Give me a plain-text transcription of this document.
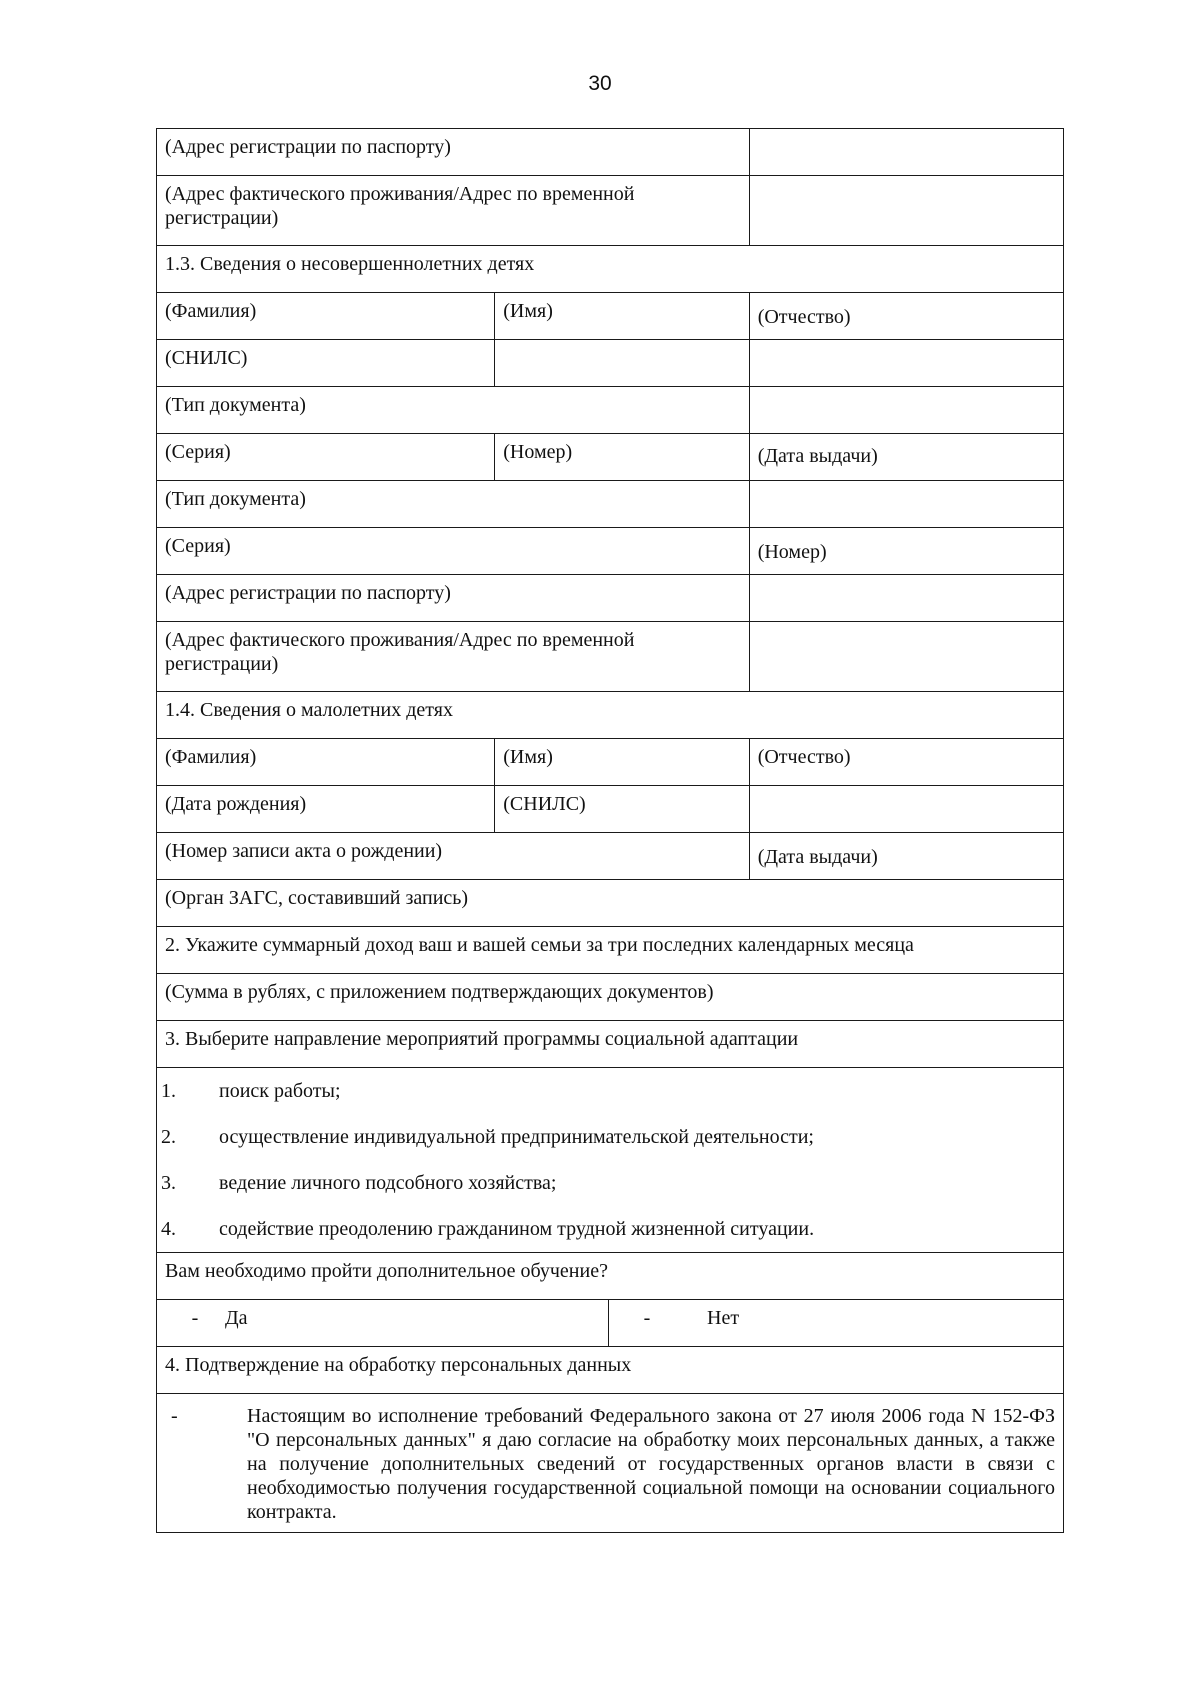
30
(Адрес регистрации по паспорту)
(Адрес фактического проживания/Адрес по временной регистрации)
1.3. Сведения о несовершеннолетних детях
(Фамилия)	(Имя)	(Отчество)
(СНИЛС)
(Тип документа)
(Серия)	(Номер)	(Дата выдачи)
(Тип документа)
(Серия)	(Номер)
(Адрес регистрации по паспорту)
(Адрес фактического проживания/Адрес по временной регистрации)
1.4. Сведения о малолетних детях
(Фамилия)	(Имя)	(Отчество)
(Дата рождения)	(СНИЛС)
(Номер записи акта о рождении)	(Дата выдачи)
(Орган ЗАГС, составивший запись)
2. Укажите суммарный доход ваш и вашей семьи за три последних календарных месяца
(Сумма в рублях, с приложением подтверждающих документов)
3. Выберите направление мероприятий программы социальной адаптации
1.	поиск работы;
2.	осуществление индивидуальной предпринимательской деятельности;
3.	ведение личного подсобного хозяйства;
4.	содействие преодолению гражданином трудной жизненной ситуации.
Вам необходимо пройти дополнительное обучение?
- Да	-	Нет
4. Подтверждение на обработку персональных данных
-	Настоящим во исполнение требований Федерального закона от 27 июля 2006 года N 152-ФЗ "О персональных данных" я даю согласие на обработку моих персональных данных, а также на получение дополнительных сведений от государственных органов власти в связи с необходимостью получения государственной социальной помощи на основании социального контракта.
